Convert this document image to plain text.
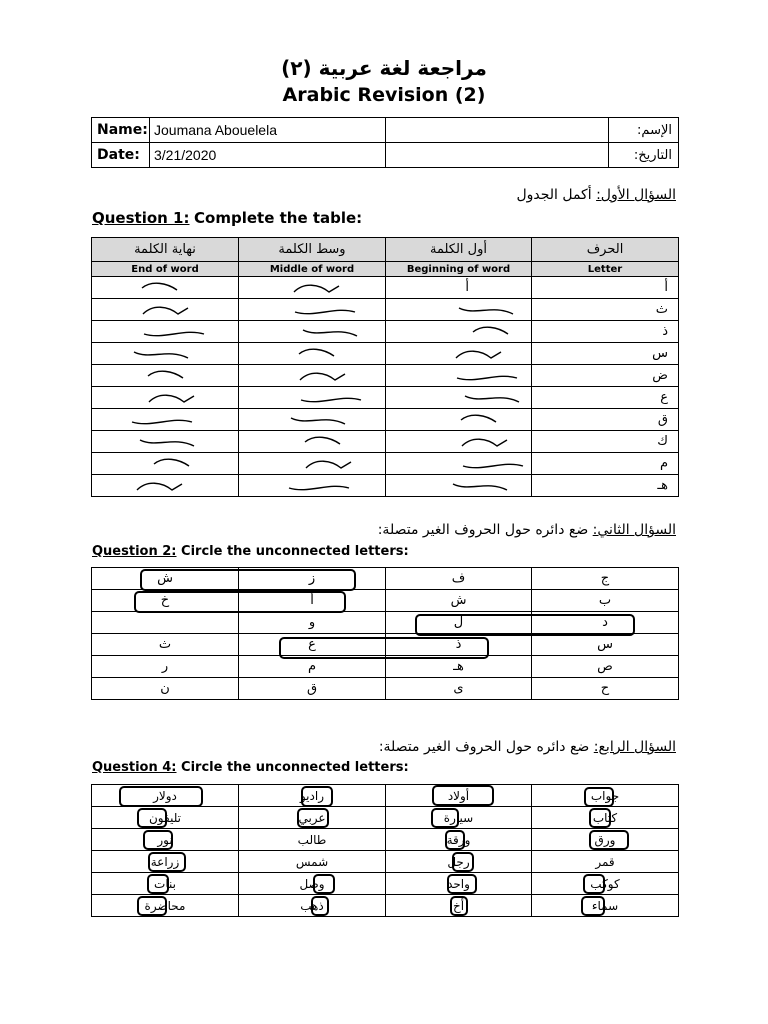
مراجعة لغة عربية (٢)
Arabic Revision (2)
Name:	Joumana Abouelela		الإسم:
Date:	3/21/2020		التاريخ:
السؤال الأول: أكمل الجدول
Question 1: Complete the table:
نهاية الكلمة	وسط الكلمة	أول الكلمة	الحرف
End of word	Middle of word	Beginning of word	Letter

أ	أ

ث

ذ

س

ض

ع

ق

ك

م

هـ
السؤال الثاني: ضع دائره حول الحروف الغير متصلة:
Question 2: Circle the unconnected letters:
ش	ز	ف	ج
خ	أ	ش	ب
	و	ل	د
ث	ع	ذ	س
ر	م	هـ	ص
ن	ق	ى	ح
السؤال الرابع: ضع دائره حول الحروف الغير متصلة:
Question 4: Circle the unconnected letters:
دولار	راديو	أولاد	جواب
تليفون	عربي	سيارة	كتاب
نور	طالب	ورقة	ورق
زراعة	شمس	رجل	قمر
بنات	وصل	واحد	كوكب
محاضرة	ذهب	أخ	سماء
